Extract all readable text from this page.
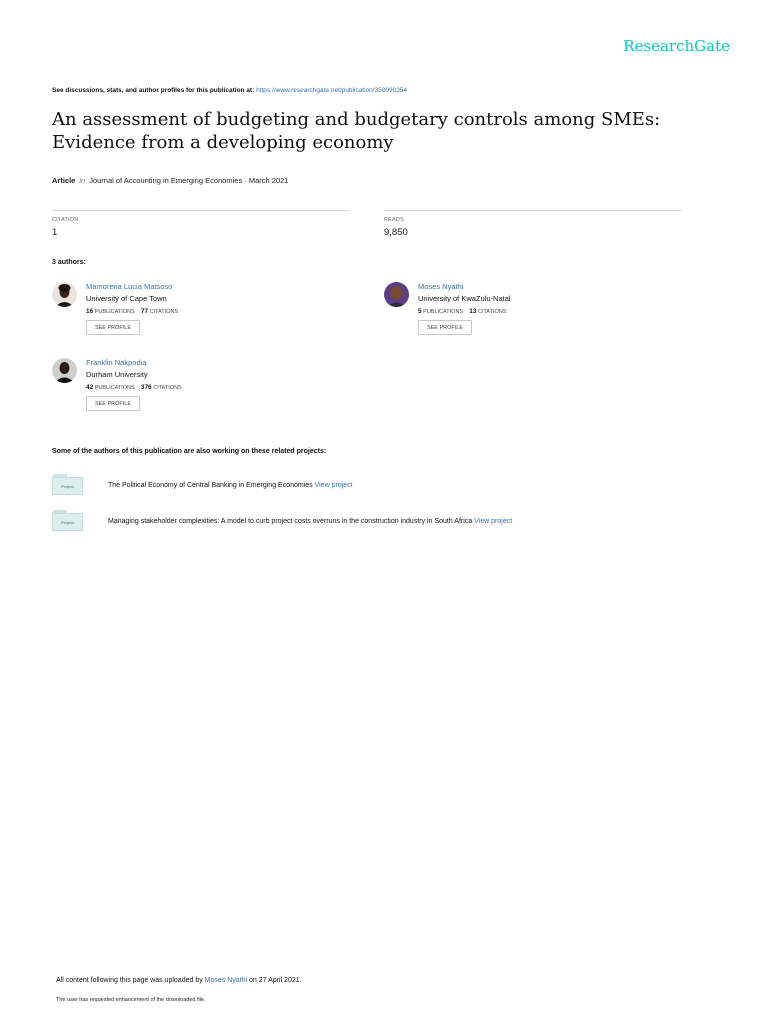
ResearchGate
See discussions, stats, and author profiles for this publication at: https://www.researchgate.net/publication/350090354
An assessment of budgeting and budgetary controls among SMEs: Evidence from a developing economy
Article in Journal of Accounting in Emerging Economies · March 2021
CITATION
1
READS
9,850
3 authors:
Mamorena Lucia Matsoso
University of Cape Town
16 PUBLICATIONS 77 CITATIONS
SEE PROFILE
Moses Nyathi
University of KwaZulu-Natal
5 PUBLICATIONS 13 CITATIONS
SEE PROFILE
Franklin Nakpodia
Durham University
42 PUBLICATIONS 376 CITATIONS
SEE PROFILE
Some of the authors of this publication are also working on these related projects:
Project	The Political Economy of Central Banking in Emerging Economies View project
Project	Managing stakeholder complexities: A model to curb project costs overruns in the construction industry in South Africa View project
All content following this page was uploaded by Moses Nyathi on 27 April 2021.
The user has requested enhancement of the downloaded file.
